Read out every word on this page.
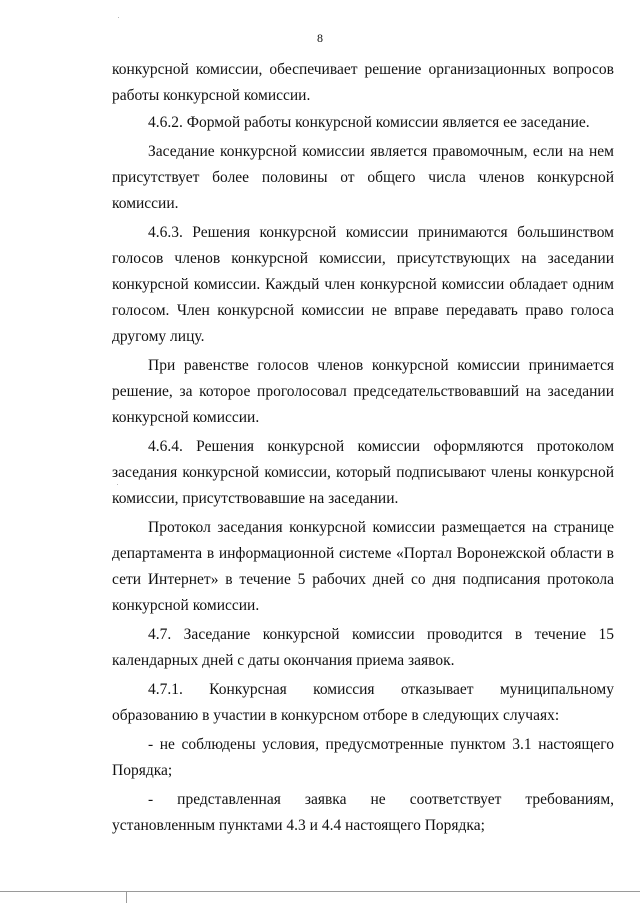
8

конкурсной комиссии, обеспечивает решение организационных вопросов работы конкурсной комиссии.

4.6.2. Формой работы конкурсной комиссии является ее заседание.

Заседание конкурсной комиссии является правомочным, если на нем присутствует более половины от общего числа членов конкурсной комиссии.

4.6.3. Решения конкурсной комиссии принимаются большинством голосов членов конкурсной комиссии, присутствующих на заседании конкурсной комиссии. Каждый член конкурсной комиссии обладает одним голосом. Член конкурсной комиссии не вправе передавать право голоса другому лицу.

При равенстве голосов членов конкурсной комиссии принимается решение, за которое проголосовал председательствовавший на заседании конкурсной комиссии.

4.6.4. Решения конкурсной комиссии оформляются протоколом заседания конкурсной комиссии, который подписывают члены конкурсной комиссии, присутствовавшие на заседании.

Протокол заседания конкурсной комиссии размещается на странице департамента в информационной системе «Портал Воронежской области в сети Интернет» в течение 5 рабочих дней со дня подписания протокола конкурсной комиссии.

4.7. Заседание конкурсной комиссии проводится в течение 15 календарных дней с даты окончания приема заявок.

4.7.1. Конкурсная комиссия отказывает муниципальному образованию в участии в конкурсном отборе в следующих случаях:

- не соблюдены условия, предусмотренные пунктом 3.1 настоящего Порядка;

- представленная заявка не соответствует требованиям, установленным пунктами 4.3 и 4.4 настоящего Порядка;
